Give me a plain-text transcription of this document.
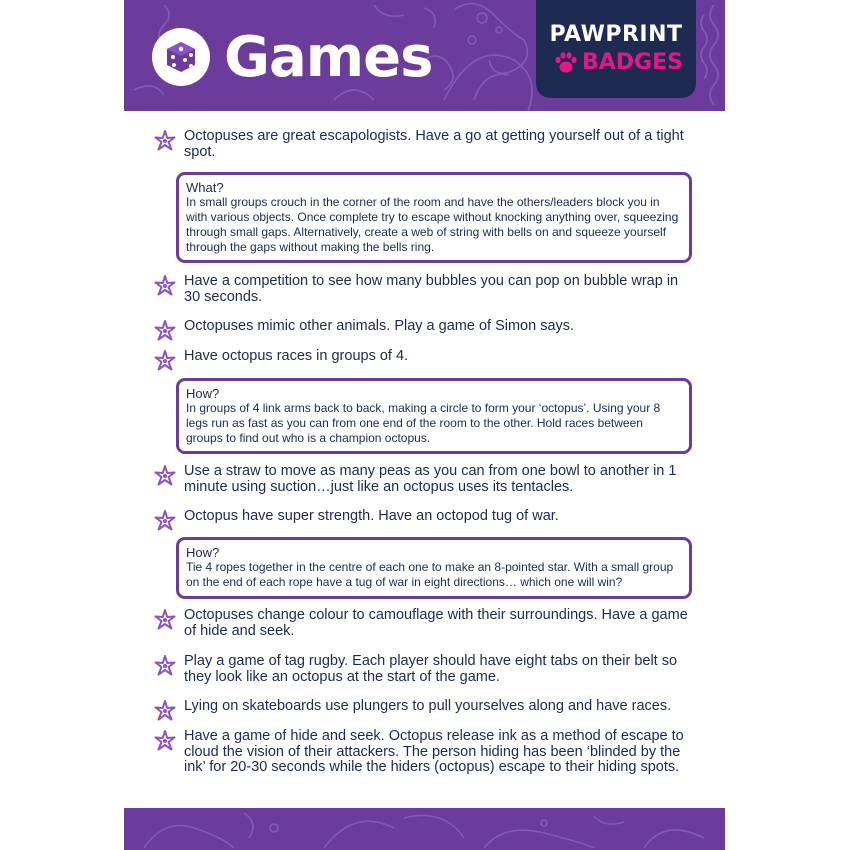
Games	PAWPRINT
BADGES
Octopuses are great escapologists. Have a go at getting yourself out of a tight spot.
What?
In small groups crouch in the corner of the room and have the others/leaders block you in with various objects. Once complete try to escape without knocking anything over, squeezing through small gaps. Alternatively, create a web of string with bells on and squeeze yourself through the gaps without making the bells ring.
Have a competition to see how many bubbles you can pop on bubble wrap in 30 seconds.
Octopuses mimic other animals. Play a game of Simon says.
Have octopus races in groups of 4.
How?
In groups of 4 link arms back to back, making a circle to form your ‘octopus’. Using your 8 legs run as fast as you can from one end of the room to the other. Hold races between groups to find out who is a champion octopus.
Use a straw to move as many peas as you can from one bowl to another in 1 minute using suction…just like an octopus uses its tentacles.
Octopus have super strength. Have an octopod tug of war.
How?
Tie 4 ropes together in the centre of each one to make an 8-pointed star. With a small group on the end of each rope have a tug of war in eight directions… which one will win?
Octopuses change colour to camouflage with their surroundings. Have a game of hide and seek.
Play a game of tag rugby. Each player should have eight tabs on their belt so they look like an octopus at the start of the game.
Lying on skateboards use plungers to pull yourselves along and have races.
Have a game of hide and seek. Octopus release ink as a method of escape to cloud the vision of their attackers. The person hiding has been ‘blinded by the ink’ for 20-30 seconds while the hiders (octopus) escape to their hiding spots.
